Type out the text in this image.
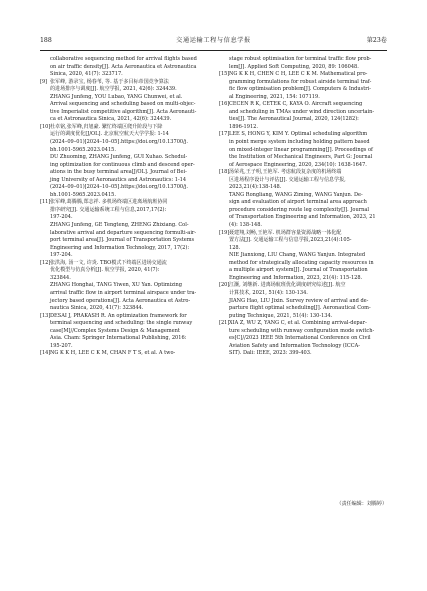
188	交通运输工程与信息学报	第23卷
collaborative sequencing method for arrival flights based
on air traffic density[J]. Acta Aeronautica et Astronautica
Sinica, 2020, 41(7): 323717.
[9] 张军峰, 游录宝, 杨春苇, 等. 基于多目标帝国竞争算法
的进场排序与调度[J]. 航空学报, 2021, 42(6): 324439.
ZHANG Junfeng, YOU Lubao, YANG Chunwei, et al.
Arrival sequencing and scheduling based on multi-objec-
tive Imperialist competitive algorithm[J]. Acta Aeronauti-
ca et Astronautica Sinica, 2021, 42(6): 324439.
[10] 杜卓铭,张军峰,归旭豪. 繁忙终端区爬升阶段与下降
运行的调度优化[J/OL]. 北京航空航天大学学报: 1-14
(2024–09–01)[2024–10–05].https://doi.org/10.13700/j.
bh.1001-5965.2023.0415.
DU Zhuoming, ZHANG Junfeng, GUI Xuhao. Schedul-
ing optimization for continuous climb and descend oper-
ations in the busy terminal area[J/OL]. Journal of Bei-
jing University of Aeronautics and Astronautics: 1-14
(2024–09–01)[2024–10–05].https://doi.org/10.13700/j.
bh.1001-5965.2023.0415.
[11] 张军峰,葛腾腾,郑志祥. 多机场终端区进离场航班协同
排序研究[J]. 交通运输系统工程与信息,2017,17(2):
197-204.
ZHANG Junfeng, GE Tengteng, ZHENG Zhixiang. Col-
laborative arrival and departure sequencing formulti-air-
port terminal area[J]. Journal of Transportation Systems
Engineering and Information Technology, 2017, 17(2):
197-204.
[12] 张洪海, 汤一文, 许炎. TBO模式下终端区进场交通流
优化模型与仿真分析[J]. 航空学报, 2020, 41(7):
323844.
ZHANG Honghai, TANG Yiwen, XU Yan. Optimizing
arrival traffic flow in airport terminal airspace under tra-
jectory based operations[J]. Acta Aeronautica et Astro-
nautica Sinica, 2020, 41(7): 323844.
[13] DESAI J, PRAKASH R. An optimization framework for
terminal sequencing and scheduling: the single runway
case[M]//Complex Systems Design & Management
Asia. Cham: Springer International Publishing, 2016:
195-207.
[14] NG K K H, LEE C K M, CHAN F T S, et al. A two-
stage robust optimisation for terminal traffic flow prob-
lem[J]. Applied Soft Computing, 2020, 89: 106048.
[15] NG K K H, CHEN C H, LEE C K M. Mathematical pro-
gramming formulations for robust airside terminal traf-
fic flow optimisation problem[J]. Computers & Industri-
al Engineering, 2021, 154: 107119.
[16] CECEN R K, CETEK C, KAYA O. Aircraft sequencing
and scheduling in TMAs under wind direction uncertain-
ties[J]. The Aeronautical Journal, 2020, 124(1282):
1896-1912.
[17] LEE S, HONG Y, KIM Y. Optimal scheduling algorithm
in point merge system including holding pattern based
on mixed-integer linear programming[J]. Proceedings of
the Institution of Mechanical Engineers, Part G: Journal
of Aerospace Engineering, 2020, 234(10): 1638-1647.
[18] 汤荣兆,王子明,王艳军. 考虑航段复杂度的机场终端
区进场程序设计与评估[J]. 交通运输工程与信息学报,
2023,21(4):138-148.
TANG Rongliang, WANG Ziming, WANG Yanjun. De-
sign and evaluation of airport terminal area approach
procedure considering route leg complexity[J]. Journal
of Transportation Engineering and Information, 2023, 21
(4): 138-148.
[19] 聂建翔,刘畅,王艳军. 机场群容量资源战略一体化配
置方法[J]. 交通运输工程与信息学报,2023,21(4):105-
128.
NIE Jianxiong, LIU Chang, WANG Yanjun. Integrated
method for strategically allocating capacity resources in
a multiple airport system[J]. Journal of Transportation
Engineering and Information, 2023, 21(4): 115-128.
[20] 江灏, 刘继新. 进离场航班优化调度研究综述[J]. 航空
计算技术, 2021, 51(4): 130-134.
JIANG Hao, LIU Jixin. Survey review of arrival and de-
parture flight optimal scheduling[J]. Aeronautical Com-
puting Technique, 2021, 51(4): 130-134.
[21] XIA Z, WU Z, YANG C, et al. Combining arrival-depar-
ture scheduling with runway configuration mode switch-
es[C]//2023 IEEE 5th International Conference on Civil
Aviation Safety and Information Technology (ICCA-
SIT). Dali: IEEE, 2023: 399-403.
（责任编辑：刘腾婷）
